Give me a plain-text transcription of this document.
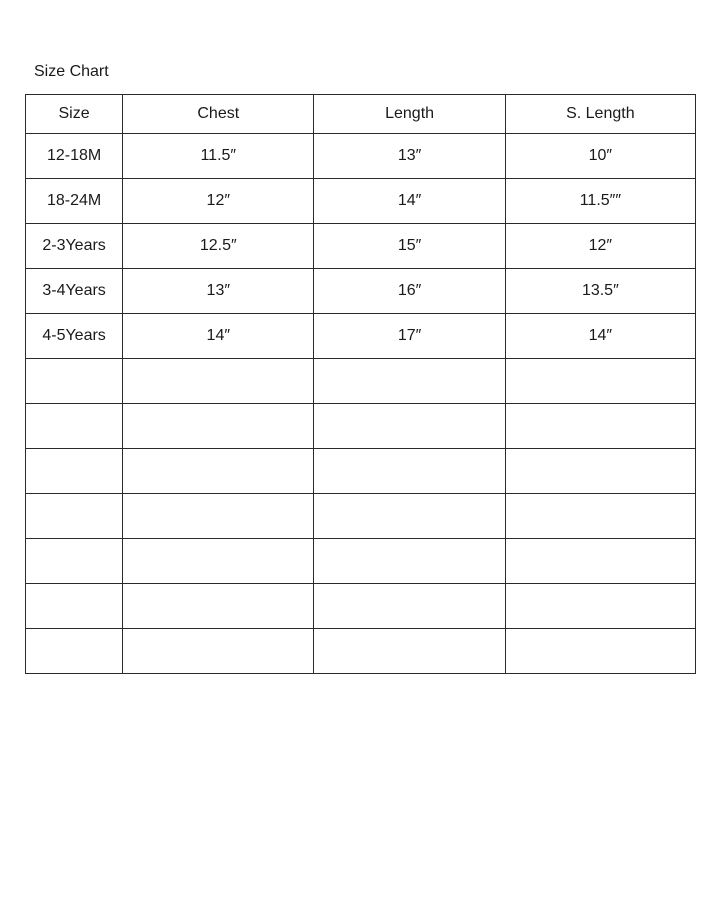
Size Chart
Size	Chest	Length	S. Length
12-18M	11.5″	13″	10″
18-24M	12″	14″	11.5″″
2-3Years	12.5″	15″	12″
3-4Years	13″	16″	13.5″
4-5Years	14″	17″	14″
